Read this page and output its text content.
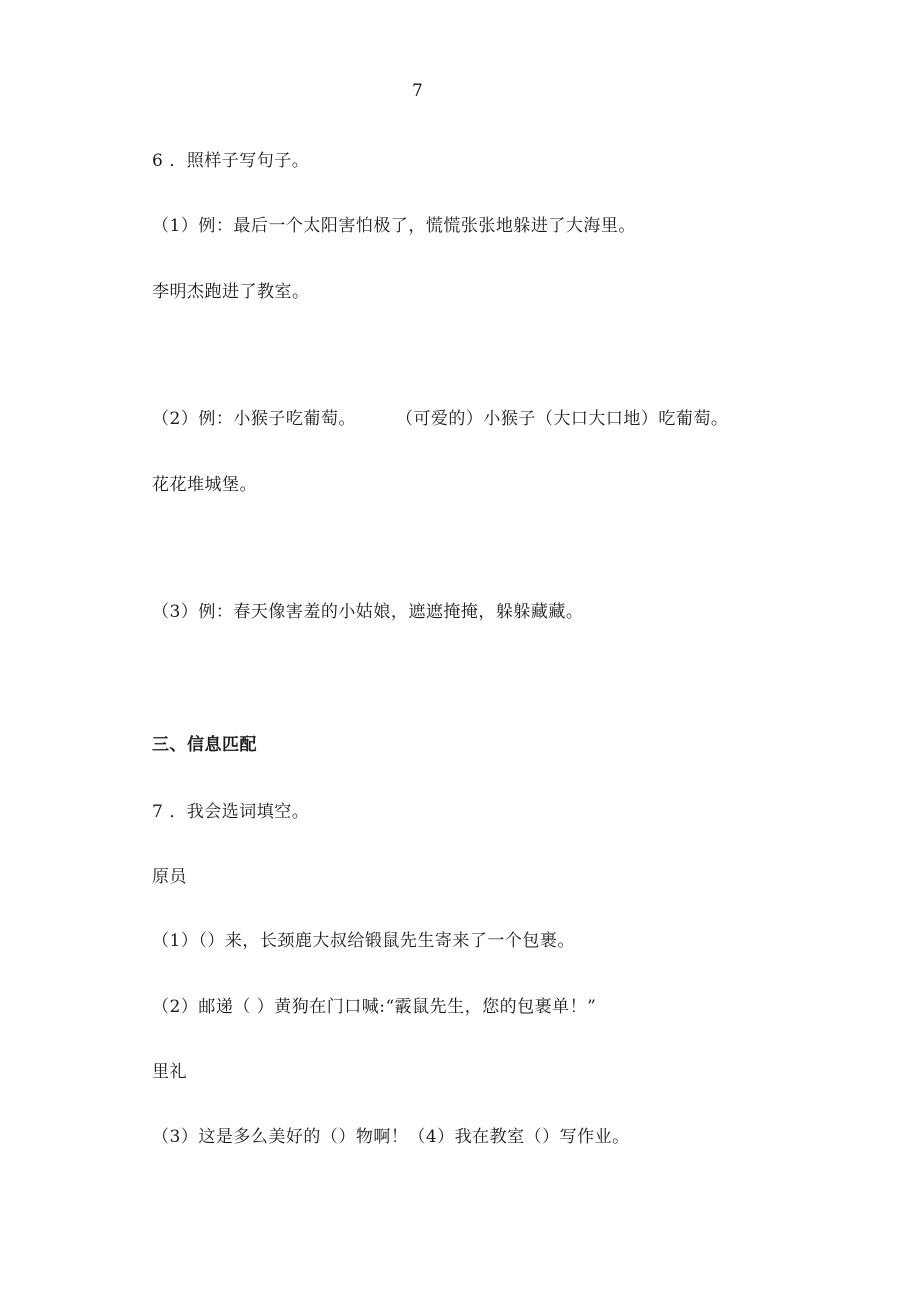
7
6 ．照样子写句子。
（1）例：最后一个太阳害怕极了，慌慌张张地躲进了大海里。
李明杰跑进了教室。
（2）例：小猴子吃葡萄。 （可爱的）小猴子（大口大口地）吃葡萄。
花花堆城堡。
（3）例：春天像害羞的小姑娘，遮遮掩掩，躲躲藏藏。
三、信息匹配
7 ．我会选词填空。
原员
（1）（）来，长颈鹿大叔给锻鼠先生寄来了一个包裹。
（2）邮递（ ）黄狗在门口喊:“霰鼠先生，您的包裹单！”
里礼
（3）这是多么美好的（）物啊！（4）我在教室（）写作业。
